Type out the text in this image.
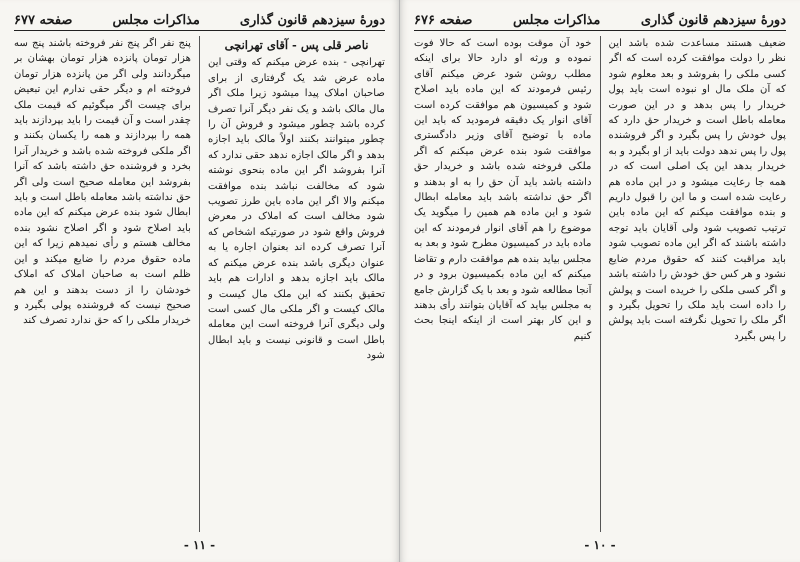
دورهٔ سیزدهم قانون گذاری
مذاکرات مجلس
صفحه ۶۷۷

ناصر قلی پس - آقای تهرانچی

تهرانچی - بنده عرض میکنم که وقتی این ماده عرض شد یک گرفتاری از برای صاحبان املاک پیدا میشود زیرا ملک اگر مال مالک باشد و یک نفر دیگر آنرا تصرف کرده باشد چطور میشود و فروش آن را چطور میتوانند بکنند اولاً مالک باید اجازه بدهد و اگر مالک اجازه ندهد حقی ندارد که آنرا بفروشد اگر این ماده بنحوی نوشته شود که مخالفت نباشد بنده موافقت میکنم والا اگر این ماده باین طرز تصویب شود مخالف است که املاک در معرض فروش واقع شود در صورتیکه اشخاص که آنرا تصرف کرده اند بعنوان اجاره یا به عنوان دیگری باشد بنده عرض میکنم که مالک باید اجازه بدهد و ادارات هم باید تحقیق بکنند که این ملک مال کیست و مالک کیست و اگر ملکی مال کسی است ولی دیگری آنرا فروخته است این معامله باطل است و قانونی نیست و باید ابطال شود

پنج نفر اگر پنج نفر فروخته باشند پنج سه هزار تومان پانزده هزار تومان بهشان بر میگردانند ولی اگر من پانزده هزار تومان فروخته ام و دیگر حقی ندارم این تبعیض برای چیست اگر میگوئیم که قیمت ملک چقدر است و آن قیمت را باید بپردازند باید همه را بپردازند و همه را یکسان بکنند و اگر ملکی فروخته شده باشد و خریدار آنرا بخرد و فروشنده حق داشته باشد که آنرا بفروشد این معامله صحیح است ولی اگر حق نداشته باشد معامله باطل است و باید ابطال شود بنده عرض میکنم که این ماده باید اصلاح شود و اگر اصلاح نشود بنده مخالف هستم و رأی نمیدهم زیرا که این ماده حقوق مردم را ضایع میکند و این ظلم است به صاحبان املاک که املاک خودشان را از دست بدهند و این هم صحیح نیست که فروشنده پولی بگیرد و خریدار ملکی را که حق ندارد تصرف کند

- ۱۱ -
دورهٔ سیزدهم قانون گذاری
مذاکرات مجلس
صفحه ۶۷۶

ضعیف هستند مساعدت شده باشد این نظر را دولت موافقت کرده است که اگر کسی ملکی را بفروشد و بعد معلوم شود که آن ملک مال او نبوده است باید پول خریدار را پس بدهد و در این صورت معامله باطل است و خریدار حق دارد که پول خودش را پس بگیرد و اگر فروشنده پول را پس ندهد دولت باید از او بگیرد و به خریدار بدهد این یک اصلی است که در همه جا رعایت میشود و در این ماده هم رعایت شده است و ما این را قبول داریم و بنده موافقت میکنم که این ماده باین ترتیب تصویب شود ولی آقایان باید توجه داشته باشند که اگر این ماده تصویب شود باید مراقبت کنند که حقوق مردم ضایع نشود و هر کس حق خودش را داشته باشد و اگر کسی ملکی را خریده است و پولش را داده است باید ملک را تحویل بگیرد و اگر ملک را تحویل نگرفته است باید پولش را پس بگیرد

خود آن موقت بوده است که حالا فوت نموده و ورثه او دارد حالا برای اینکه مطلب روشن شود عرض میکنم آقای رئیس فرمودند که این ماده باید اصلاح شود و کمیسیون هم موافقت کرده است آقای انوار یک دقیقه فرمودید که باید این ماده با توضیح آقای وزیر دادگستری موافقت شود بنده عرض میکنم که اگر ملکی فروخته شده باشد و خریدار حق داشته باشد باید آن حق را به او بدهند و اگر حق نداشته باشد باید معامله ابطال شود و این ماده هم همین را میگوید یک موضوع را هم آقای انوار فرمودند که این ماده باید در کمیسیون مطرح شود و بعد به مجلس بیاید بنده هم موافقت دارم و تقاضا میکنم که این ماده بکمیسیون برود و در آنجا مطالعه شود و بعد با یک گزارش جامع به مجلس بیاید که آقایان بتوانند رأی بدهند و این کار بهتر است از اینکه اینجا بحث کنیم

- ۱۰ -
